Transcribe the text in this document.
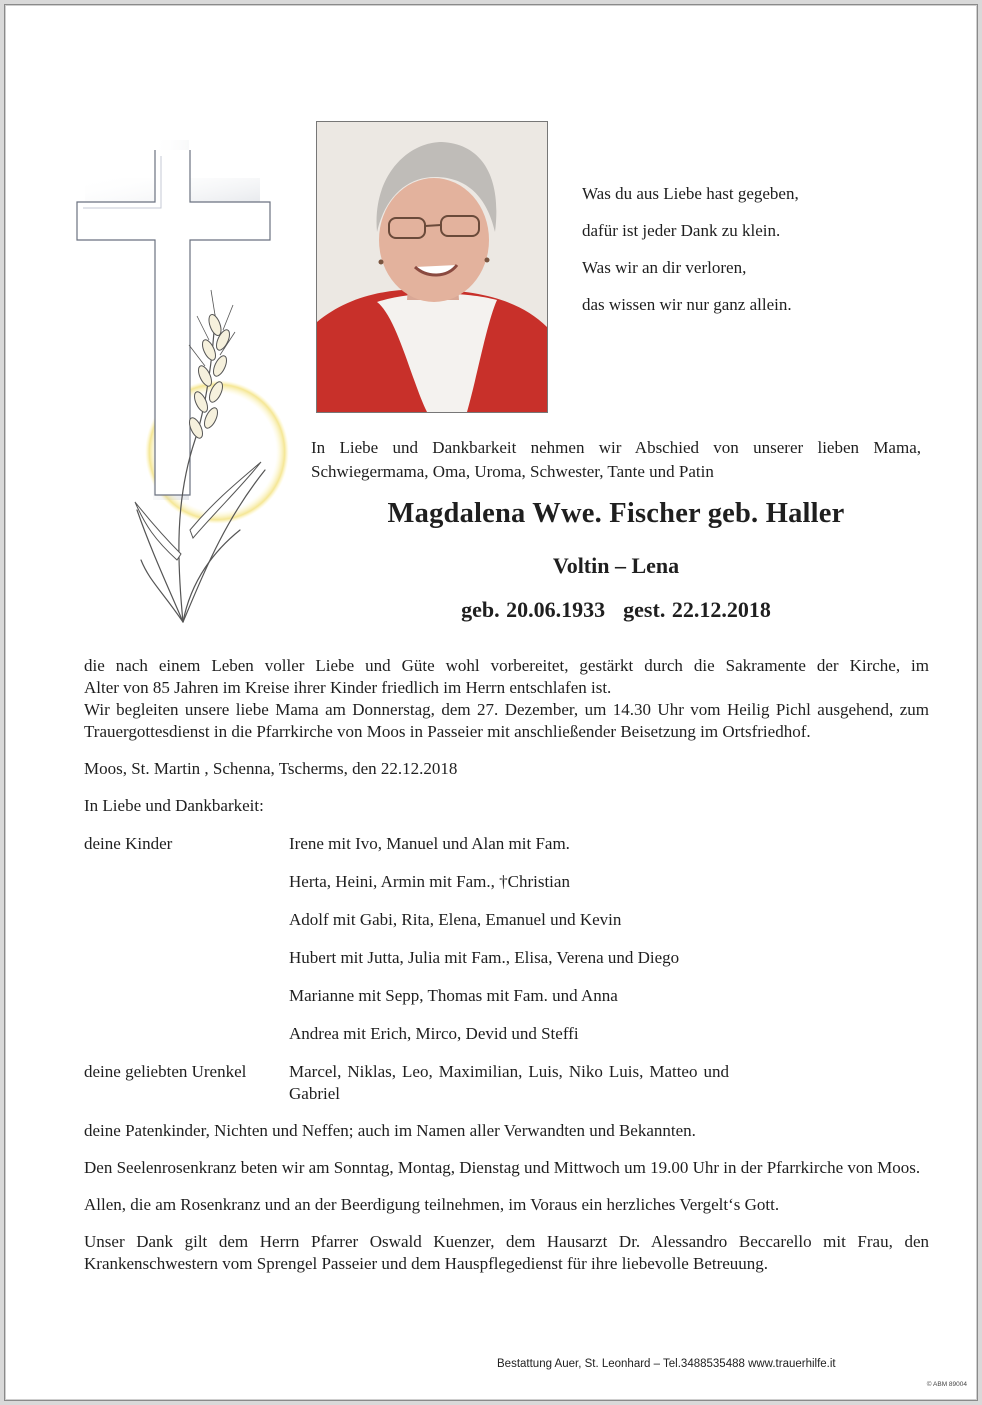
Was du aus Liebe hast gegeben,
dafür ist jeder Dank zu klein.
Was wir an dir verloren,
das wissen wir nur ganz allein.
In Liebe und Dankbarkeit nehmen wir Abschied von unserer lieben Mama, Schwiegermama, Oma, Uroma, Schwester, Tante und Patin
Magdalena Wwe. Fischer geb. Haller
Voltin – Lena
geb. 20.06.1933 gest. 22.12.2018

die nach einem Leben voller Liebe und Güte wohl vorbereitet, gestärkt durch die Sakramente der Kirche, im

Alter von 85 Jahren im Kreise ihrer Kinder friedlich im Herrn entschlafen ist.

Wir begleiten unsere liebe Mama am Donnerstag, dem 27. Dezember, um 14.30 Uhr vom Heilig Pichl ausgehend, zum Trauergottesdienst in die Pfarrkirche von Moos in Passeier mit anschließender Beisetzung im Ortsfriedhof.

Moos, St. Martin , Schenna, Tscherms, den 22.12.2018

In Liebe und Dankbarkeit:

deine Kinder	Irene mit Ivo, Manuel und Alan mit Fam.
Herta, Heini, Armin mit Fam., †Christian
Adolf mit Gabi, Rita, Elena, Emanuel und Kevin
Hubert mit Jutta, Julia mit Fam., Elisa, Verena und Diego
Marianne mit Sepp, Thomas mit Fam. und Anna
Andrea mit Erich, Mirco, Devid und Steffi
deine geliebten Urenkel	Marcel, Niklas, Leo, Maximilian, Luis, Niko Luis, Matteo und Gabriel

deine Patenkinder, Nichten und Neffen; auch im Namen aller Verwandten und Bekannten.

Den Seelenrosenkranz beten wir am Sonntag, Montag, Dienstag und Mittwoch um 19.00 Uhr in der Pfarrkirche von Moos.

Allen, die am Rosenkranz und an der Beerdigung teilnehmen, im Voraus ein herzliches Vergelt‘s Gott.

Unser Dank gilt dem Herrn Pfarrer Oswald Kuenzer, dem Hausarzt Dr. Alessandro Beccarello mit Frau, den Krankenschwestern vom Sprengel Passeier und dem Hauspflegedienst für ihre liebevolle Betreuung.

Bestattung Auer, St. Leonhard – Tel.3488535488 www.trauerhilfe.it
© ABM 89004
